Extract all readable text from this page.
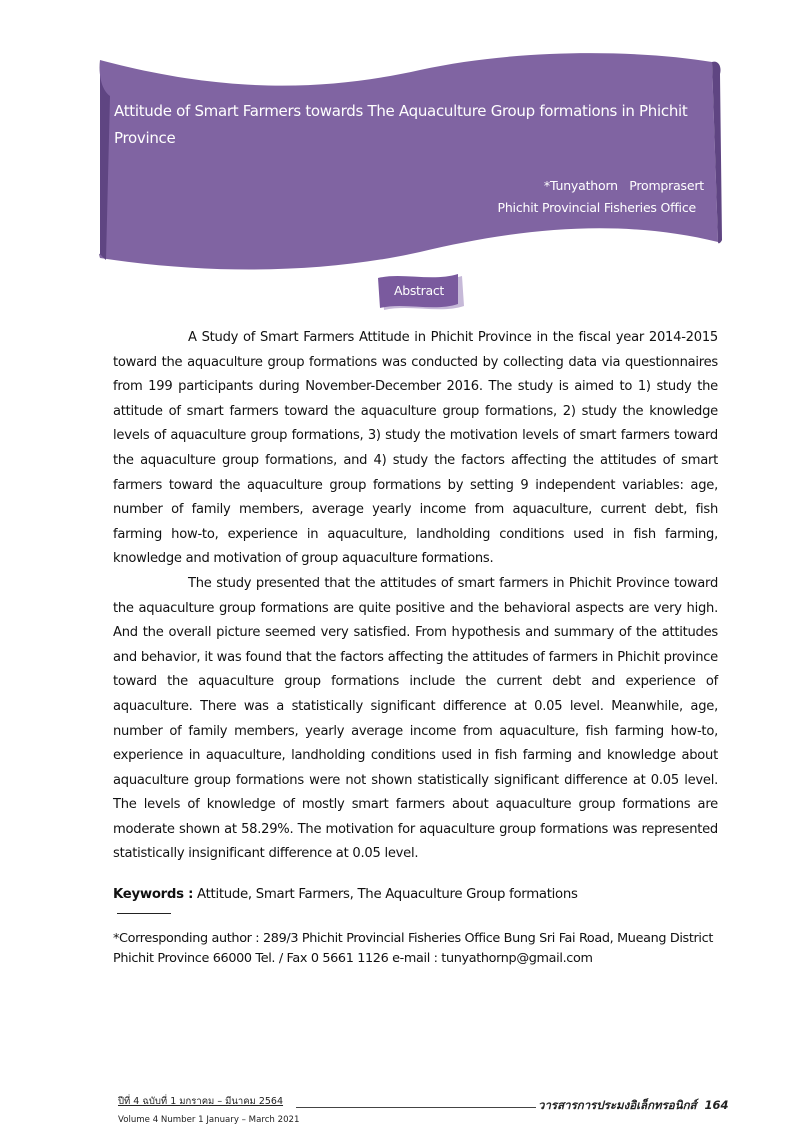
Attitude of Smart Farmers towards The Aquaculture Group formations in Phichit Province
*Tunyathorn   Promprasert
Phichit Provincial Fisheries Office
Abstract

A Study of Smart Farmers Attitude in Phichit Province in the fiscal year 2014-2015 toward the aquaculture group formations was conducted by collecting data via questionnaires from 199 participants during November-December 2016. The study is aimed to 1) study the attitude of smart farmers toward the aquaculture group formations, 2) study the knowledge levels of aquaculture group formations, 3) study the motivation levels of smart farmers toward the aquaculture group formations, and 4) study the factors affecting the attitudes of smart farmers toward the aquaculture group formations by setting 9 independent variables: age, number of family members, average yearly income from aquaculture, current debt, fish farming how-to, experience in aquaculture, landholding conditions used in fish farming, knowledge and motivation of group aquaculture formations.

The study presented that the attitudes of smart farmers in Phichit Province toward the aquaculture group formations are quite positive and the behavioral aspects are very high. And the overall picture seemed very satisfied. From hypothesis and summary of the attitudes and behavior, it was found that the factors affecting the attitudes of farmers in Phichit province toward the aquaculture group formations include the current debt and experience of aquaculture. There was a statistically significant difference at 0.05 level. Meanwhile, age, number of family members, yearly average income from aquaculture, fish farming how-to, experience in aquaculture, landholding conditions used in fish farming and knowledge about aquaculture group formations were not shown statistically significant difference at 0.05 level. The levels of knowledge of mostly smart farmers about aquaculture group formations are moderate shown at 58.29%. The motivation for aquaculture group formations was represented statistically insignificant difference at 0.05 level.

Keywords : Attitude, Smart Farmers, The Aquaculture Group formations
*Corresponding author : 289/3 Phichit Provincial Fisheries Office Bung Sri Fai Road, Mueang District Phichit Province 66000 Tel. / Fax 0 5661 1126 e-mail : tunyathornp@gmail.com
ปีที่ 4 ฉบับที่ 1 มกราคม – มีนาคม 2564
Volume 4 Number 1 January – March 2021
วารสารการประมงอิเล็กทรอนิกส์  164
